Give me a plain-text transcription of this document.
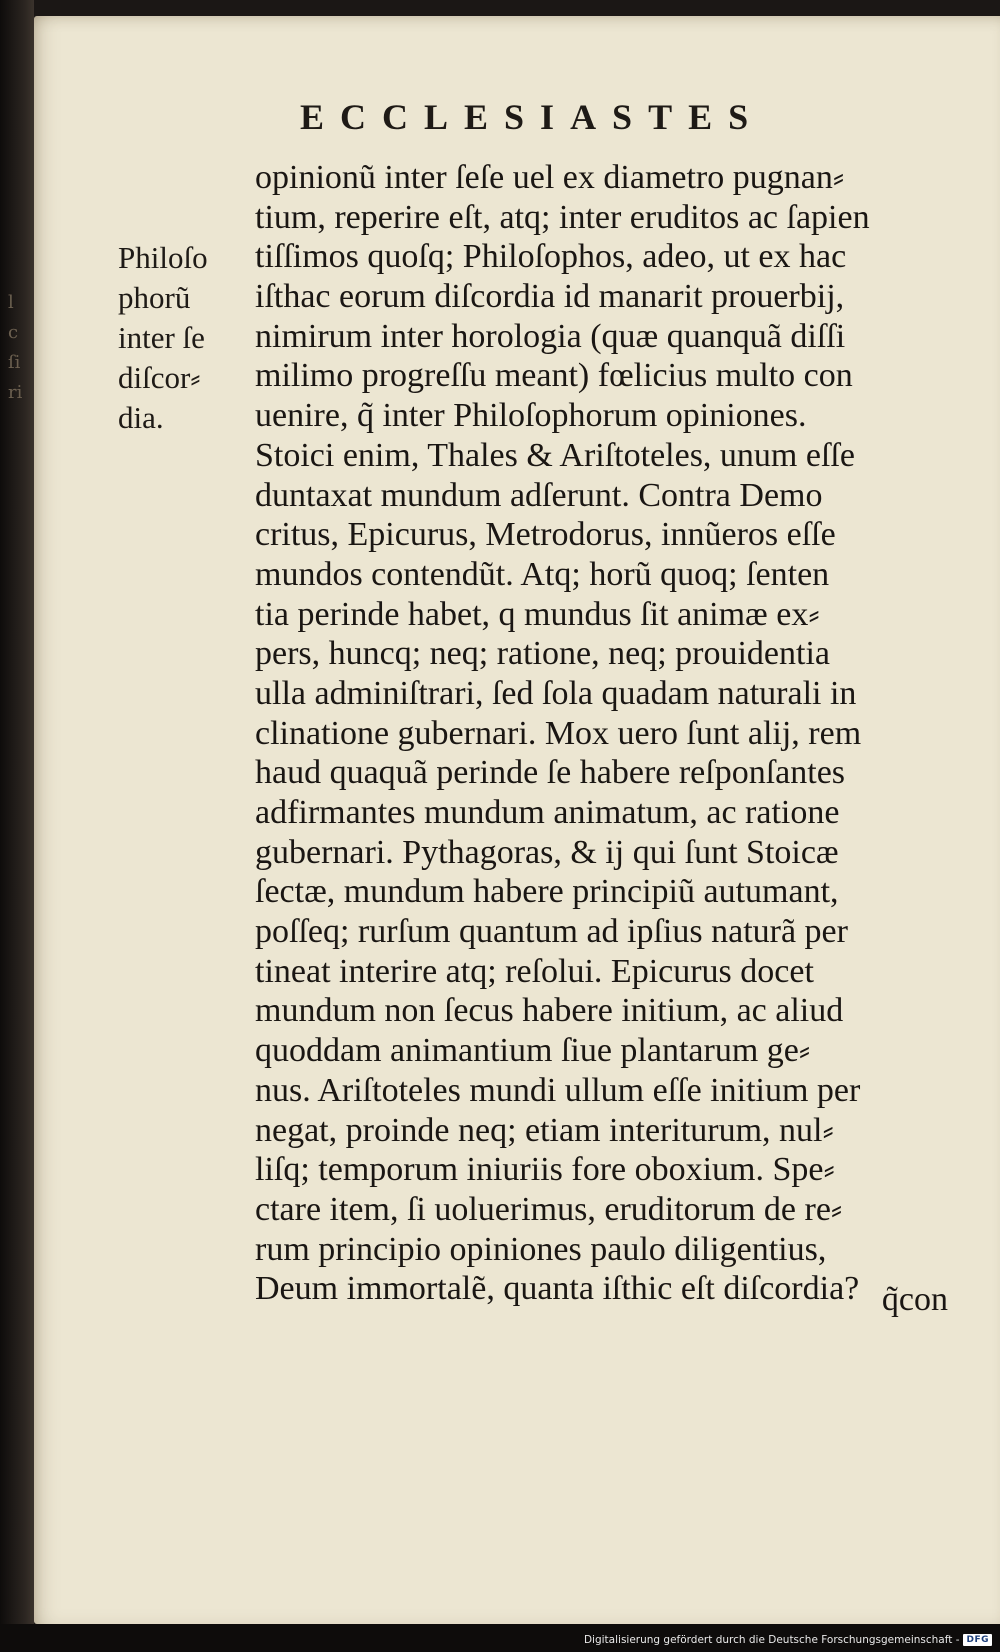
l
c
ſi
ri
ECCLESIASTES
Philoſo
phorũ
inter ſe
diſcor⸗
dia.
opinionũ inter ſeſe uel ex diametro pugnan⸗
tium, reperire eſt, atq; inter eruditos ac ſapien
tiſſimos quoſq; Philoſophos, adeo, ut ex hac
iſthac eorum diſcordia id manarit prouerbij,
nimirum inter horologia (quæ quanquã diſſi
milimo progreſſu meant) fœlicius multo con
uenire, q̃ inter Philoſophorum opiniones.
Stoici enim, Thales & Ariſtoteles, unum eſſe
duntaxat mundum adſerunt. Contra Demo
critus, Epicurus, Metrodorus, innũeros eſſe
mundos contendũt. Atq; horũ quoq; ſenten
tia perinde habet, q mundus ſit animæ ex⸗
pers, huncq; neq; ratione, neq; prouidentia
ulla adminiſtrari, ſed ſola quadam naturali in
clinatione gubernari. Mox uero ſunt alij, rem
haud quaquã perinde ſe habere reſponſantes
adfirmantes mundum animatum, ac ratione
gubernari. Pythagoras, & ij qui ſunt Stoicæ
ſectæ, mundum habere principiũ autumant,
poſſeq; rurſum quantum ad ipſius naturã per
tineat interire atq; reſolui. Epicurus docet
mundum non ſecus habere initium, ac aliud
quoddam animantium ſiue plantarum ge⸗
nus. Ariſtoteles mundi ullum eſſe initium per
negat, proinde neq; etiam interiturum, nul⸗
liſq; temporum iniuriis fore oboxium. Spe⸗
ctare item, ſi uoluerimus, eruditorum de re⸗
rum principio opiniones paulo diligentius,
Deum immortalẽ, quanta iſthic eſt diſcordia? q̃con
Digitalisierung gefördert durch die Deutsche Forschungsgemeinschaft - DFG
